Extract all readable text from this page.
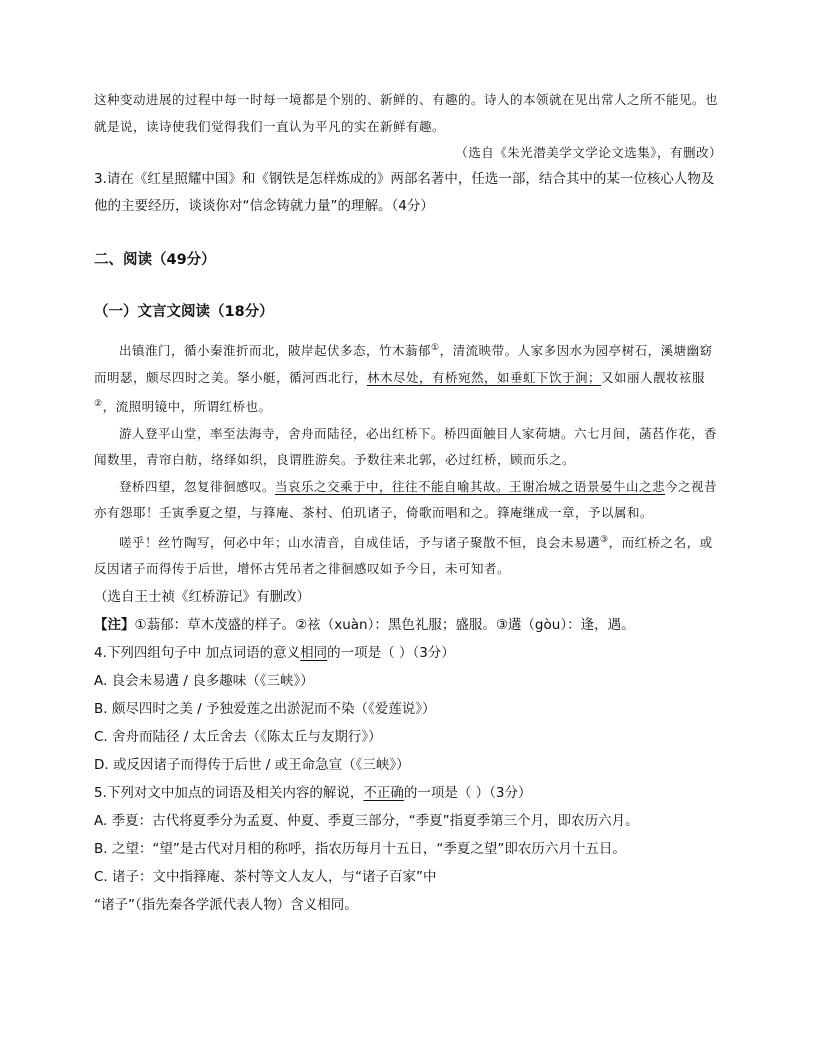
这种变动进展的过程中每一时每一境都是个别的、新鲜的、有趣的。诗人的本领就在见出常人之所不能见。也就是说，读诗使我们觉得我们一直认为平凡的实在新鲜有趣。

（选自《朱光潜美学文学论文选集》，有删改）

3.请在《红星照耀中国》和《钢铁是怎样炼成的》两部名著中，任选一部，结合其中的某一位核心人物及他的主要经历，谈谈你对“信念铸就力量”的理解。（4分）

二、阅读（49分）

（一）文言文阅读（18分）

出镇淮门，循小秦淮折而北，陂岸起伏多态，竹木蓊郁①，清流映带。人家多因水为园亭树石，溪塘幽窈而明瑟，颇尽四时之美。拏小艇，循河西北行，林木尽处，有桥宛然，如垂虹下饮于涧；又如丽人靓妆袨服②，流照明镜中，所谓红桥也。

游人登平山堂，率至法海寺，舍舟而陆径，必出红桥下。桥四面触目人家荷塘。六七月间，菡萏作花，香闻数里，青帘白舫，络绎如织，良谓胜游矣。予数往来北郭，必过红桥，顾而乐之。

登桥四望，忽复徘徊感叹。当哀乐之交乘于中，往往不能自喻其故。王谢冶城之语景晏牛山之悲今之视昔亦有怨耶！壬寅季夏之望，与箨庵、茶村、伯玑诸子，倚歌而唱和之。箨庵继成一章，予以属和。

嗟乎！丝竹陶写，何必中年；山水清音，自成佳话，予与诸子聚散不恒，良会未易遘③，而红桥之名，或反因诸子而得传于后世，增怀古凭吊者之徘徊感叹如予今日，未可知者。

（选自王士祯《红桥游记》有删改）

【注】①蓊郁：草木茂盛的样子。②袨（xuàn）：黑色礼服；盛服。③遘（gòu）：逢，遇。

4.下列四组句子中 加点词语的意义相同的一项是（ ）（3分）

A. 良会未易遘 / 良多趣味（《三峡》）

B. 颇尽四时之美 / 予独爱莲之出淤泥而不染（《爱莲说》）

C. 舍舟而陆径 / 太丘舍去（《陈太丘与友期行》）

D. 或反因诸子而得传于后世 / 或王命急宣（《三峡》）

5.下列对文中加点的词语及相关内容的解说，不正确的一项是（ ）（3分）

A. 季夏：古代将夏季分为孟夏、仲夏、季夏三部分，“季夏”指夏季第三个月，即农历六月。

B. 之望：“望”是古代对月相的称呼，指农历每月十五日，“季夏之望”即农历六月十五日。

C. 诸子：文中指箨庵、茶村等文人友人，与“诸子百家”中

“诸子”（指先秦各学派代表人物）含义相同。
